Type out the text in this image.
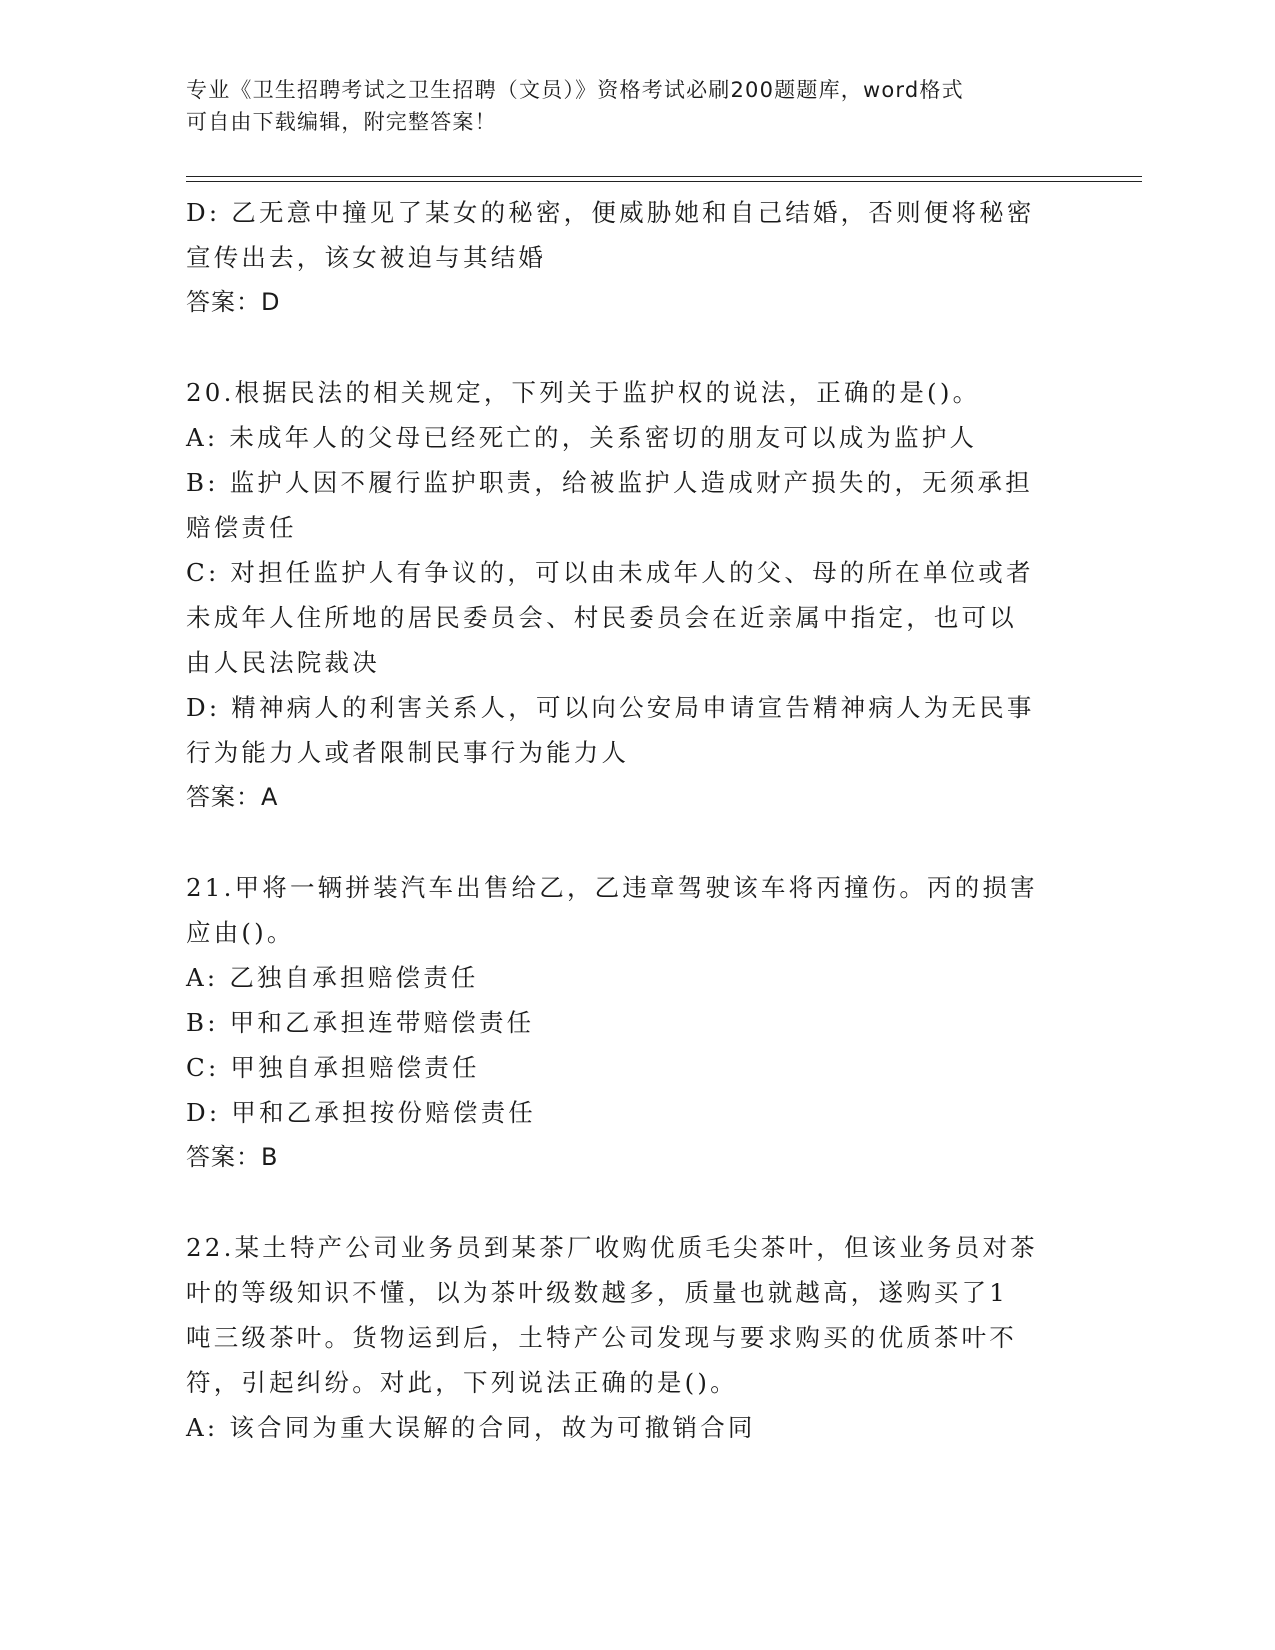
专业《卫生招聘考试之卫生招聘（文员）》资格考试必刷200题题库，word格式
可自由下载编辑，附完整答案！
D: 乙无意中撞见了某女的秘密，便威胁她和自己结婚，否则便将秘密
宣传出去，该女被迫与其结婚
答案：D
20.根据民法的相关规定，下列关于监护权的说法，正确的是()。
A: 未成年人的父母已经死亡的，关系密切的朋友可以成为监护人
B: 监护人因不履行监护职责，给被监护人造成财产损失的，无须承担
赔偿责任
C: 对担任监护人有争议的，可以由未成年人的父、母的所在单位或者
未成年人住所地的居民委员会、村民委员会在近亲属中指定，也可以
由人民法院裁决
D: 精神病人的利害关系人，可以向公安局申请宣告精神病人为无民事
行为能力人或者限制民事行为能力人
答案：A
21.甲将一辆拼装汽车出售给乙，乙违章驾驶该车将丙撞伤。丙的损害
应由()。
A: 乙独自承担赔偿责任
B: 甲和乙承担连带赔偿责任
C: 甲独自承担赔偿责任
D: 甲和乙承担按份赔偿责任
答案：B
22.某土特产公司业务员到某茶厂收购优质毛尖茶叶，但该业务员对茶
叶的等级知识不懂，以为茶叶级数越多，质量也就越高，遂购买了1
吨三级茶叶。货物运到后，土特产公司发现与要求购买的优质茶叶不
符，引起纠纷。对此，下列说法正确的是()。
A: 该合同为重大误解的合同，故为可撤销合同
